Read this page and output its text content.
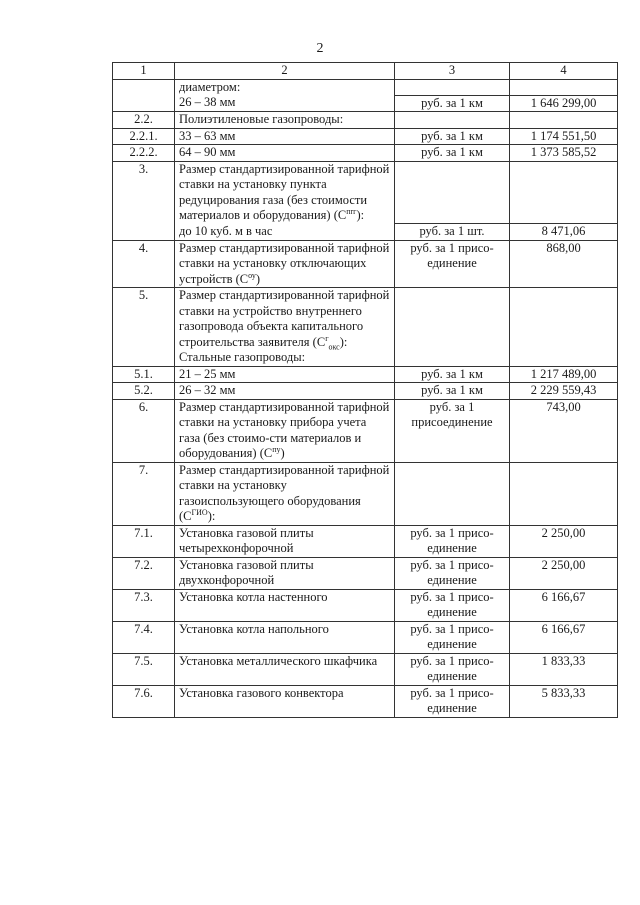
2
1	2	3	4
	диаметром:		
	26 – 38 мм	руб. за 1 км	1 646 299,00
2.2.	Полиэтиленовые газопроводы:		
2.2.1.	33 – 63 мм	руб. за 1 км	1 174 551,50
2.2.2.	64 – 90 мм	руб. за 1 км	1 373 585,52
3.	Размер стандартизированной тарифной ставки на установку пункта редуцирования газа (без стоимости материалов и оборудования) $(С^{пrг})$:		
	до 10 куб. м в час	руб. за 1 шт.	8 471,06
4.	Размер стандартизированной тарифной ставки на установку отключающих устройств $(С^{оу})$	руб. за 1 присо-единение	868,00
5.	Размер стандартизированной тарифной ставки на устройство внутреннего газопровода объекта капитального строительства заявителя $(С^г_{окс})$:		
	Стальные газопроводы:		
5.1.	21 – 25 мм	руб. за 1 км	1 217 489,00
5.2.	26 – 32 мм	руб. за 1 км	2 229 559,43
6.	Размер стандартизированной тарифной ставки на установку прибора учета газа (без стоимо-сти материалов и оборудования) $(С^{пу})$	руб. за 1 присоединение	743,00
7.	Размер стандартизированной тарифной ставки на установку газоиспользующего оборудования $(С^{ГИО})$:		
7.1.	Установка газовой плиты четырехконфорочной	руб. за 1 присо-единение	2 250,00
7.2.	Установка газовой плиты двухконфорочной	руб. за 1 присо-единение	2 250,00
7.3.	Установка котла настенного	руб. за 1 присо-единение	6 166,67
7.4.	Установка котла напольного	руб. за 1 присо-единение	6 166,67
7.5.	Установка металлического шкафчика	руб. за 1 присо-единение	1 833,33
7.6.	Установка газового конвектора	руб. за 1 присо-единение	5 833,33
